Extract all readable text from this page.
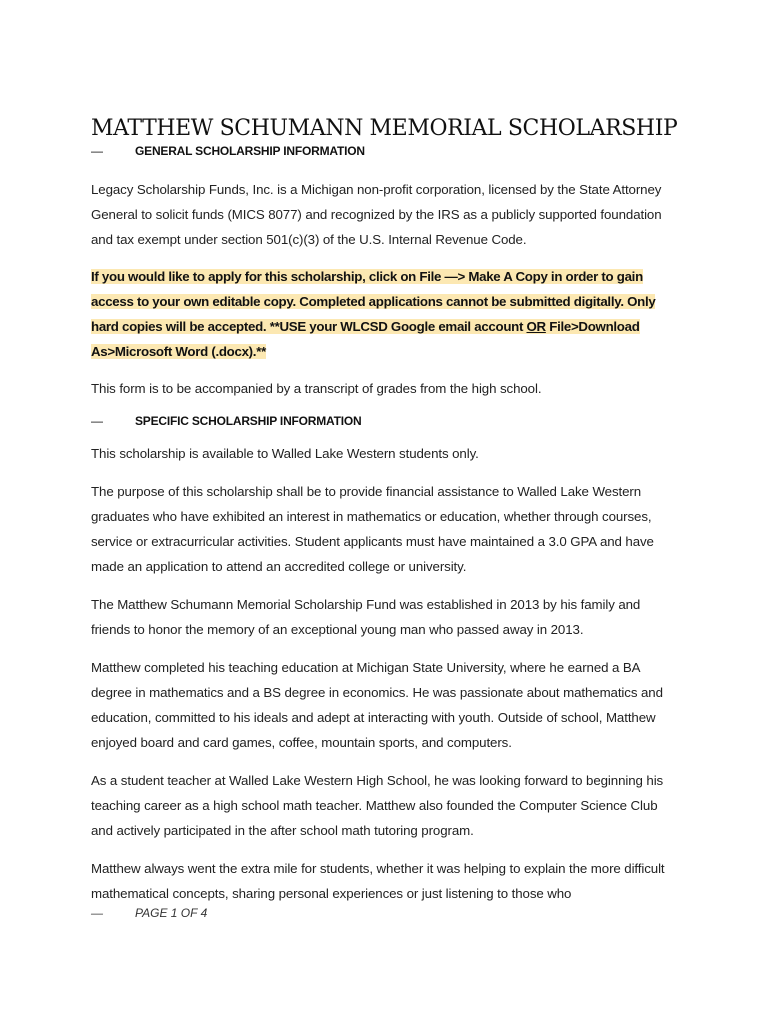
MATTHEW SCHUMANN MEMORIAL SCHOLARSHIP
—	GENERAL SCHOLARSHIP INFORMATION

Legacy Scholarship Funds, Inc. is a Michigan non-profit corporation, licensed by the State Attorney General to solicit funds (MICS 8077) and recognized by the IRS as a publicly supported foundation and tax exempt under section 501(c)(3) of the U.S. Internal Revenue Code.

If you would like to apply for this scholarship, click on File —> Make A Copy in order to gain access to your own editable copy. Completed applications cannot be submitted digitally. Only hard copies will be accepted. **USE your WLCSD Google email account OR File>Download As>Microsoft Word (.docx).**

This form is to be accompanied by a transcript of grades from the high school.

—	SPECIFIC SCHOLARSHIP INFORMATION

This scholarship is available to Walled Lake Western students only.

The purpose of this scholarship shall be to provide financial assistance to Walled Lake Western graduates who have exhibited an interest in mathematics or education, whether through courses, service or extracurricular activities. Student applicants must have maintained a 3.0 GPA and have made an application to attend an accredited college or university.

The Matthew Schumann Memorial Scholarship Fund was established in 2013 by his family and friends to honor the memory of an exceptional young man who passed away in 2013.

Matthew completed his teaching education at Michigan State University, where he earned a BA degree in mathematics and a BS degree in economics. He was passionate about mathematics and education, committed to his ideals and adept at interacting with youth. Outside of school, Matthew enjoyed board and card games, coffee, mountain sports, and computers.

As a student teacher at Walled Lake Western High School, he was looking forward to beginning his teaching career as a high school math teacher. Matthew also founded the Computer Science Club and actively participated in the after school math tutoring program.

Matthew always went the extra mile for students, whether it was helping to explain the more difficult mathematical concepts, sharing personal experiences or just listening to those who

—	PAGE 1 OF 4
